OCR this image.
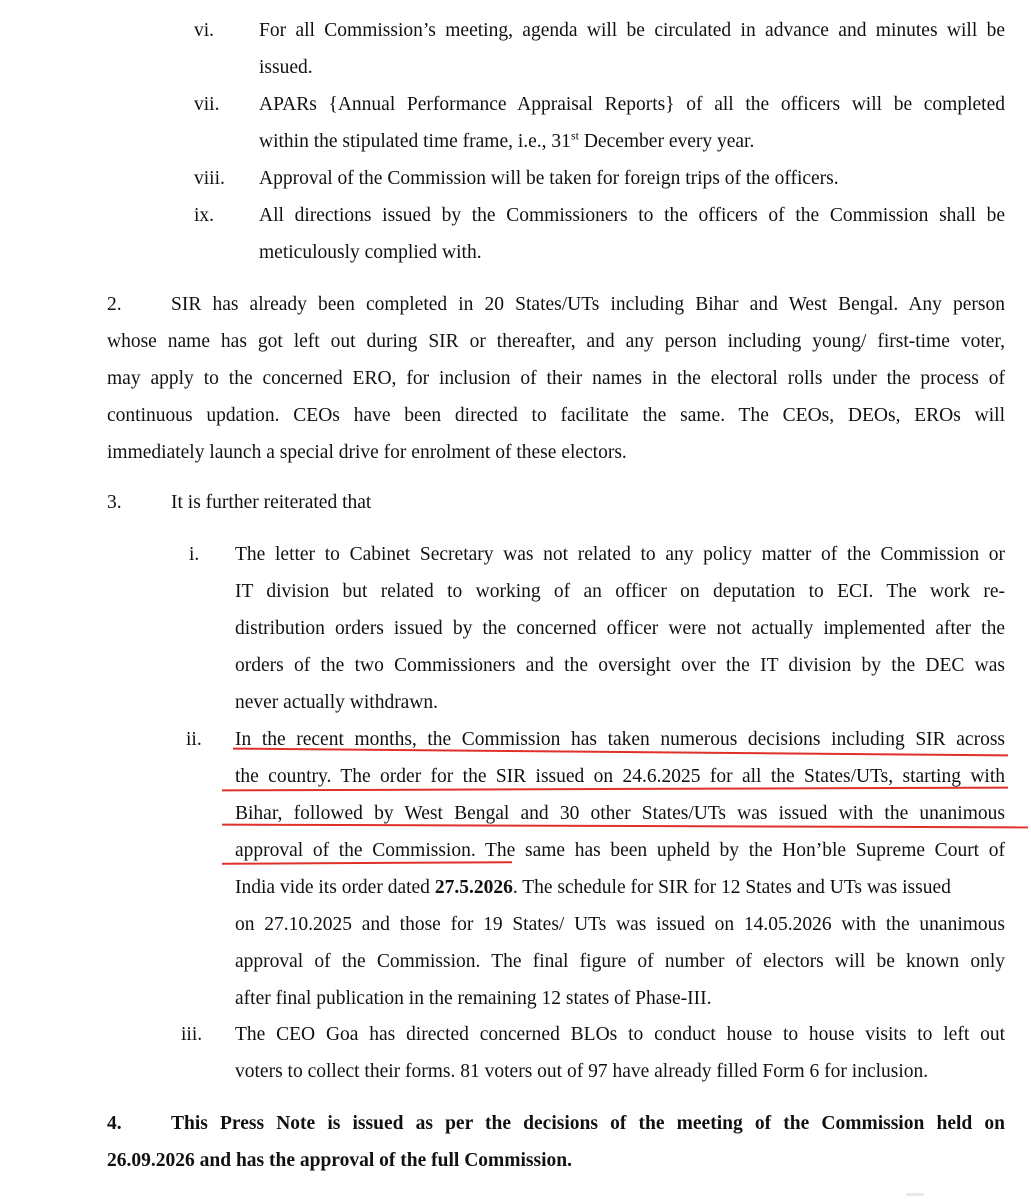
vi. For all Commission’s meeting, agenda will be circulated in advance and minutes will be
issued.
vii. APARs {Annual Performance Appraisal Reports} of all the officers will be completed
within the stipulated time frame, i.e., 31st December every year.
viii. Approval of the Commission will be taken for foreign trips of the officers.
ix. All directions issued by the Commissioners to the officers of the Commission shall be
meticulously complied with.
2.	SIR has already been completed in 20 States/UTs including Bihar and West Bengal. Any person
whose name has got left out during SIR or thereafter, and any person including young/ first-time voter,
may apply to the concerned ERO, for inclusion of their names in the electoral rolls under the process of
continuous updation. CEOs have been directed to facilitate the same. The CEOs, DEOs, EROs will
immediately launch a special drive for enrolment of these electors.
3.	It is further reiterated that
i. The letter to Cabinet Secretary was not related to any policy matter of the Commission or
IT division but related to working of an officer on deputation to ECI. The work re-
distribution orders issued by the concerned officer were not actually implemented after the
orders of the two Commissioners and the oversight over the IT division by the DEC was
never actually withdrawn.
ii. In the recent months, the Commission has taken numerous decisions including SIR across
the country. The order for the SIR issued on 24.6.2025 for all the States/UTs, starting with
Bihar, followed by West Bengal and 30 other States/UTs was issued with the unanimous
approval of the Commission. The same has been upheld by the Hon’ble Supreme Court of
India vide its order dated 27.5.2026. The schedule for SIR for 12 States and UTs was issued
on 27.10.2025 and those for 19 States/ UTs was issued on 14.05.2026 with the unanimous
approval of the Commission. The final figure of number of electors will be known only
after final publication in the remaining 12 states of Phase-III.
iii. The CEO Goa has directed concerned BLOs to conduct house to house visits to left out
voters to collect their forms. 81 voters out of 97 have already filled Form 6 for inclusion.
4.	This Press Note is issued as per the decisions of the meeting of the Commission held on
26.09.2026 and has the approval of the full Commission.
